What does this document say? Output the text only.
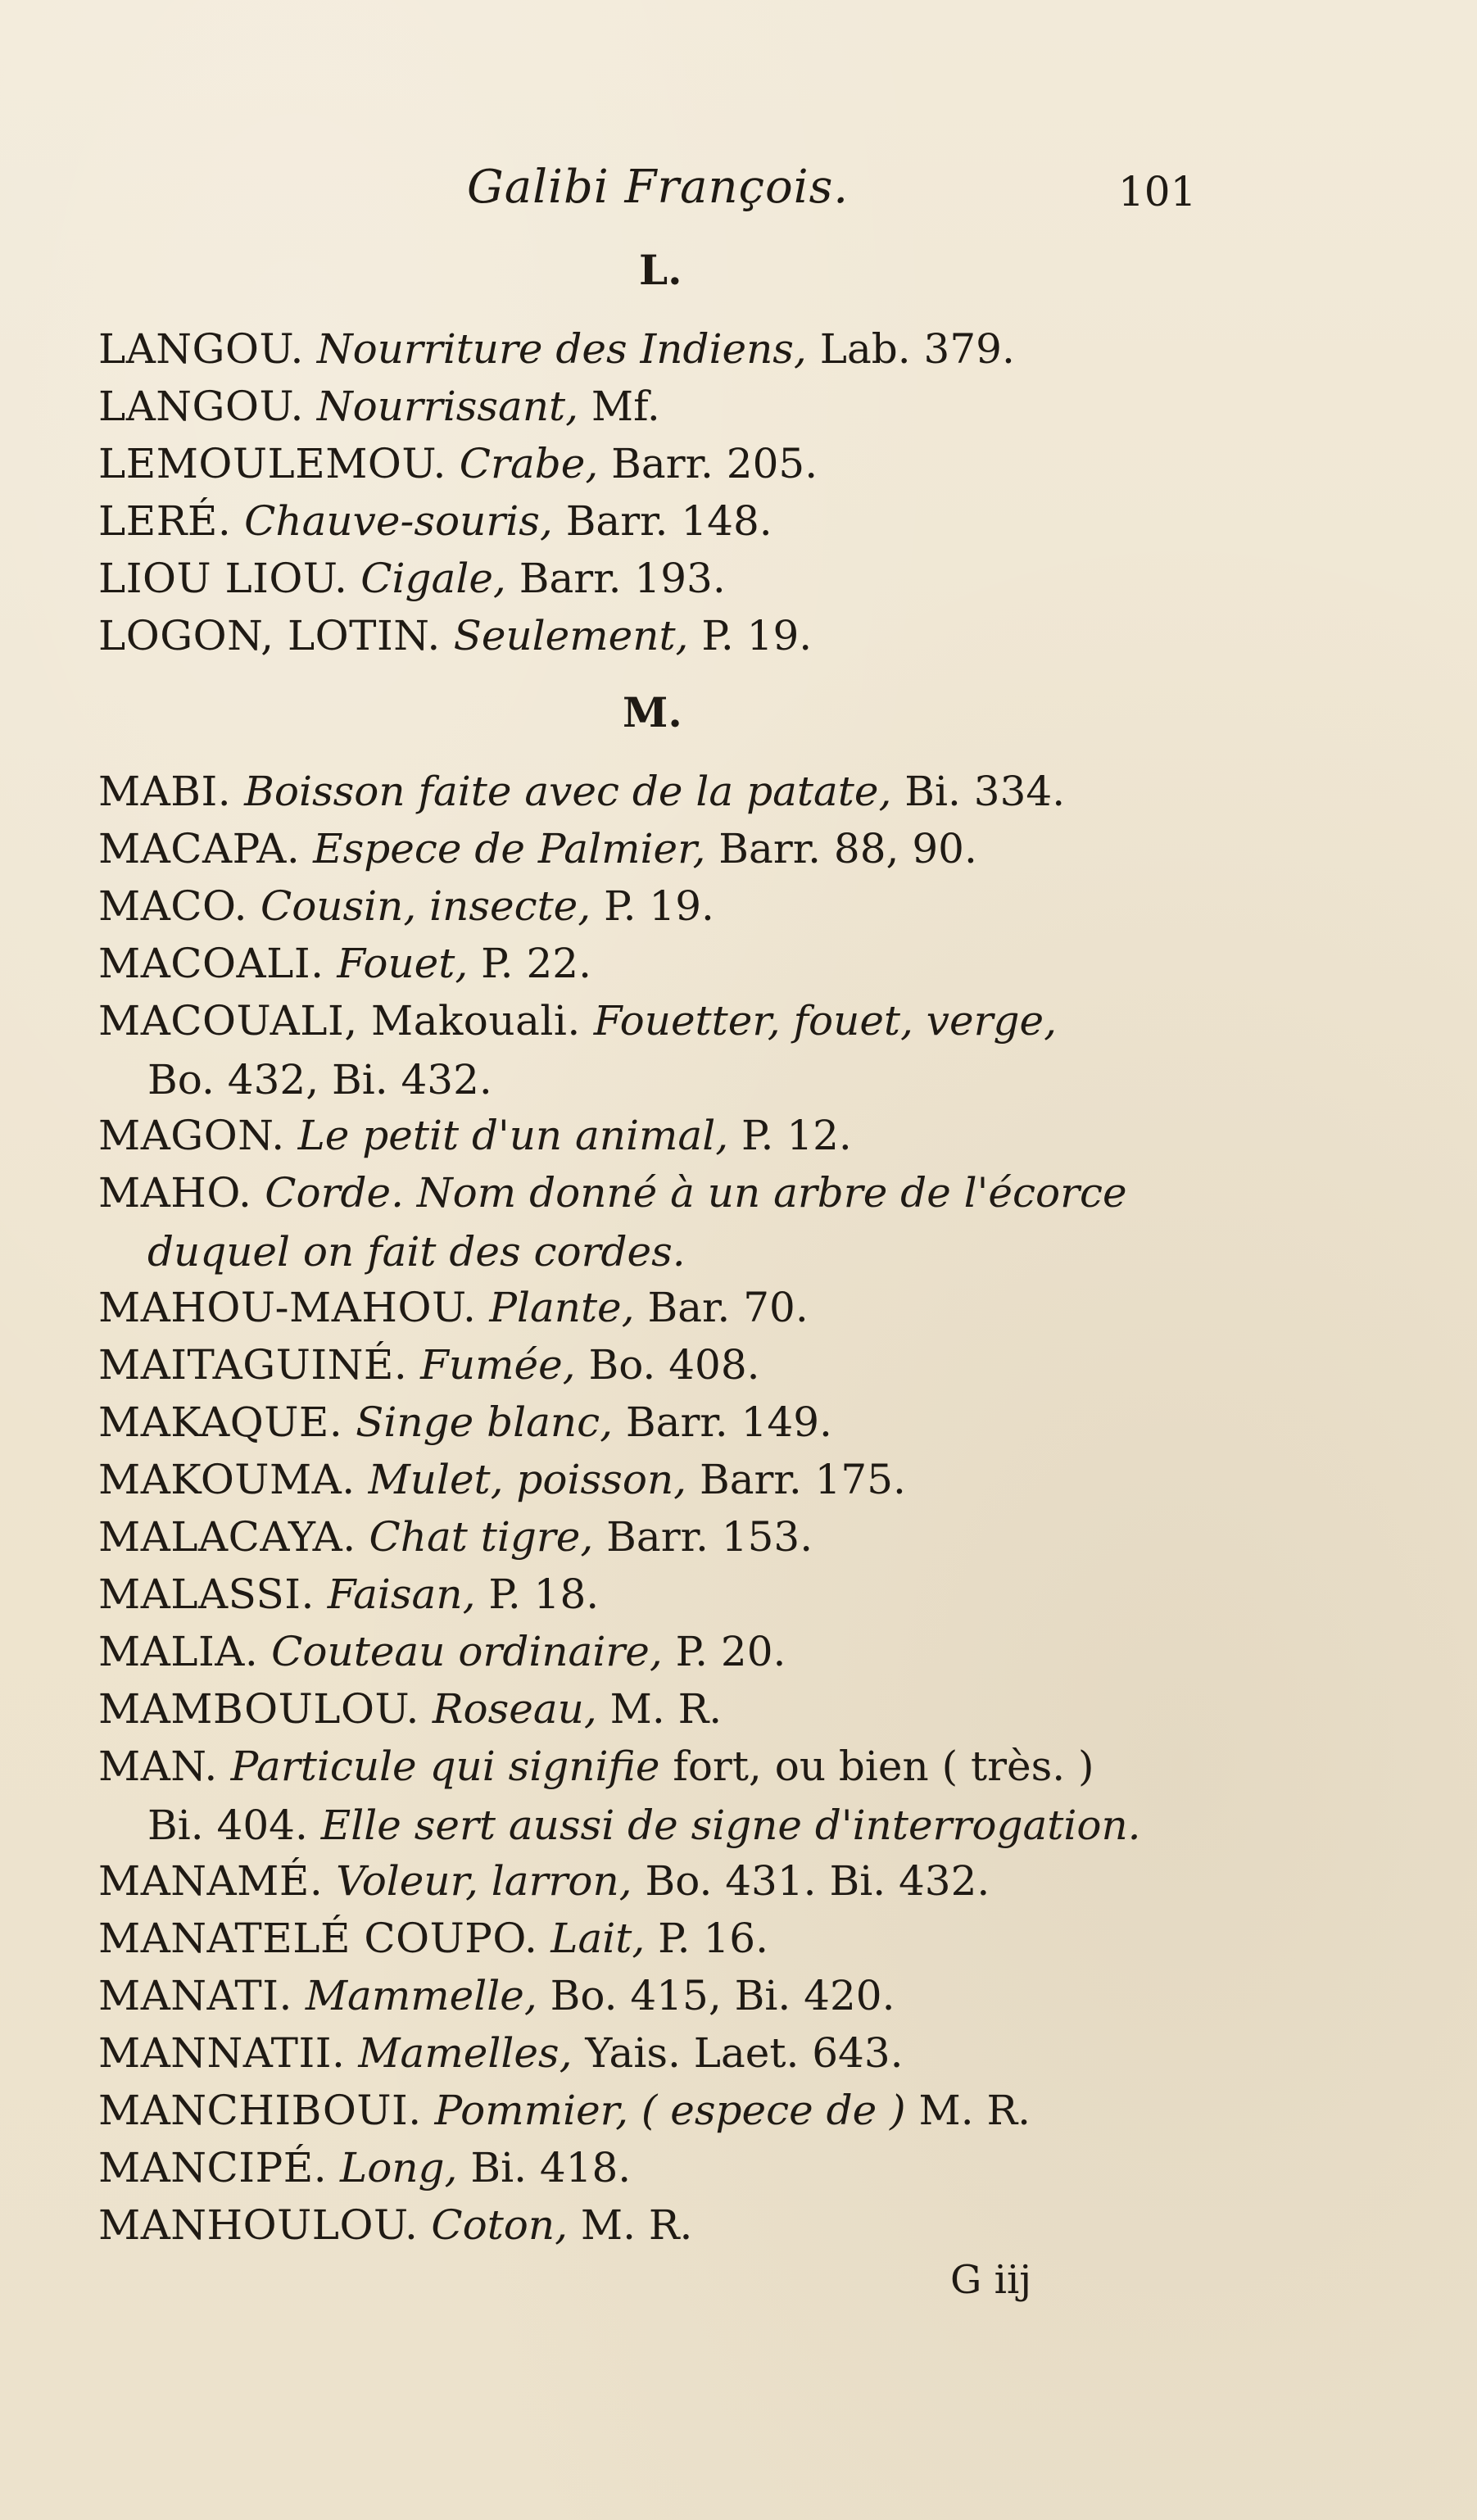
Galibi François.	101
L.
LANGOU. Nourriture des Indiens, Lab. 379.
LANGOU. Nourrissant, Mf.
LEMOULEMOU. Crabe, Barr. 205.
LERÉ. Chauve-souris, Barr. 148.
LIOU LIOU. Cigale, Barr. 193.
LOGON, LOTIN. Seulement, P. 19.
M.
MABI. Boisson faite avec de la patate, Bi. 334.
MACAPA. Espece de Palmier, Barr. 88, 90.
MACO. Cousin, insecte, P. 19.
MACOALI. Fouet, P. 22.
MACOUALI, Makouali. Fouetter, fouet, verge,
Bo. 432, Bi. 432.
MAGON. Le petit d'un animal, P. 12.
MAHO. Corde. Nom donné à un arbre de l'écorce
duquel on fait des cordes.
MAHOU-MAHOU. Plante, Bar. 70.
MAITAGUINÉ. Fumée, Bo. 408.
MAKAQUE. Singe blanc, Barr. 149.
MAKOUMA. Mulet, poisson, Barr. 175.
MALACAYA. Chat tigre, Barr. 153.
MALASSI. Faisan, P. 18.
MALIA. Couteau ordinaire, P. 20.
MAMBOULOU. Roseau, M. R.
MAN. Particule qui signifie fort, ou bien ( très. )
Bi. 404. Elle sert aussi de signe d'interrogation.
MANAMÉ. Voleur, larron, Bo. 431. Bi. 432.
MANATELÉ COUPO. Lait, P. 16.
MANATI. Mammelle, Bo. 415, Bi. 420.
MANNATII. Mamelles, Yais. Laet. 643.
MANCHIBOUI. Pommier, ( espece de ) M. R.
MANCIPÉ. Long, Bi. 418.
MANHOULOU. Coton, M. R.
G iij
